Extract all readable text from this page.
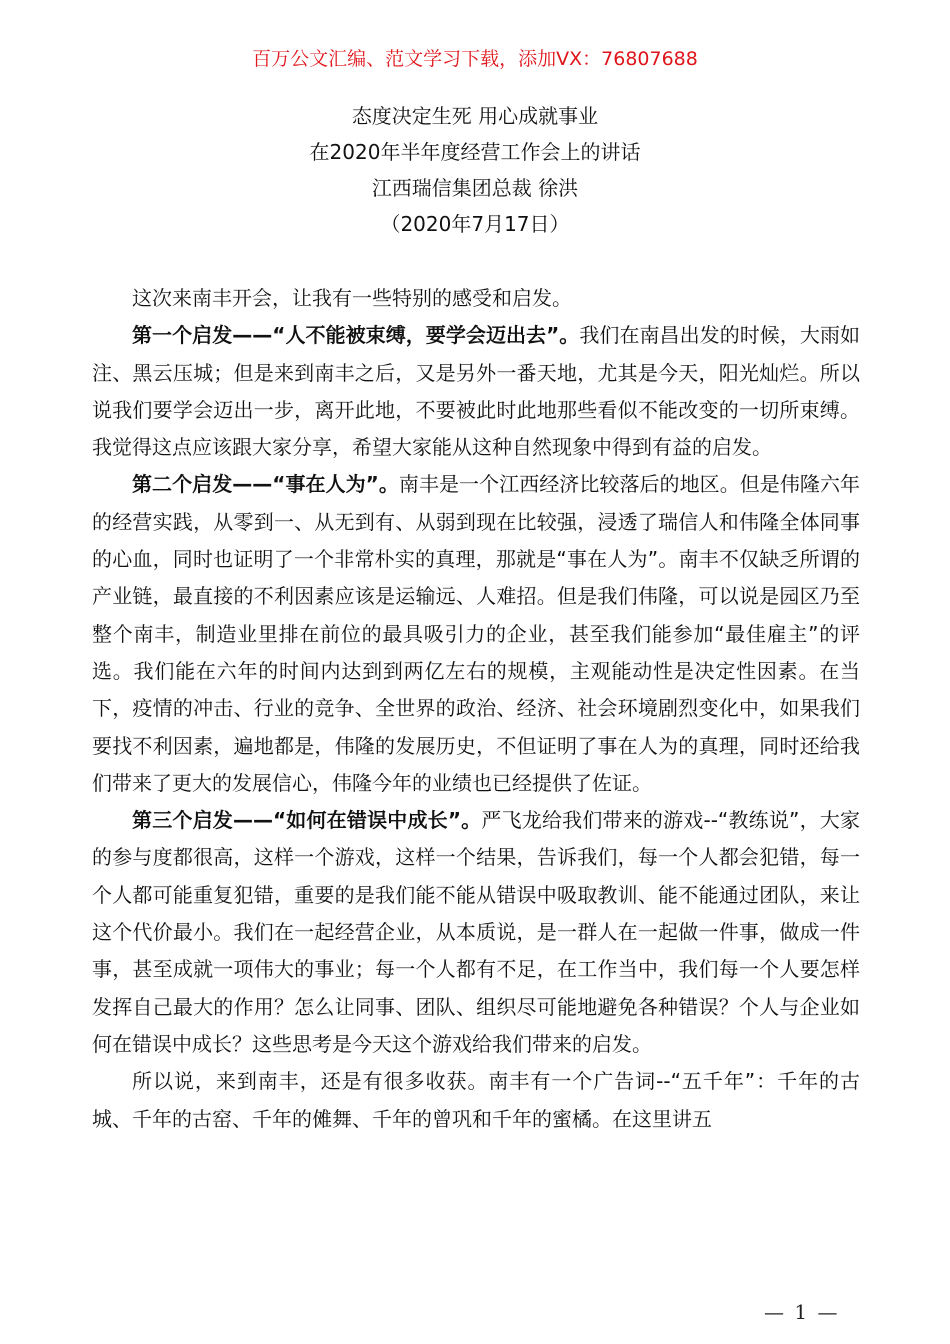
百万公文汇编、范文学习下载，添加VX：76807688
态度决定生死 用心成就事业
在2020年半年度经营工作会上的讲话
江西瑞信集团总裁 徐洪
（2020年7月17日）

这次来南丰开会，让我有一些特别的感受和启发。

第一个启发——“人不能被束缚，要学会迈出去”。我们在南昌出发的时候，大雨如注、黑云压城；但是来到南丰之后，又是另外一番天地，尤其是今天，阳光灿烂。所以说我们要学会迈出一步，离开此地，不要被此时此地那些看似不能改变的一切所束缚。我觉得这点应该跟大家分享，希望大家能从这种自然现象中得到有益的启发。

第二个启发——“事在人为”。南丰是一个江西经济比较落后的地区。但是伟隆六年的经营实践，从零到一、从无到有、从弱到现在比较强，浸透了瑞信人和伟隆全体同事的心血，同时也证明了一个非常朴实的真理，那就是“事在人为”。南丰不仅缺乏所谓的产业链，最直接的不利因素应该是运输远、人难招。但是我们伟隆，可以说是园区乃至整个南丰，制造业里排在前位的最具吸引力的企业，甚至我们能参加“最佳雇主”的评选。我们能在六年的时间内达到到两亿左右的规模，主观能动性是决定性因素。在当下，疫情的冲击、行业的竞争、全世界的政治、经济、社会环境剧烈变化中，如果我们要找不利因素，遍地都是，伟隆的发展历史，不但证明了事在人为的真理，同时还给我们带来了更大的发展信心，伟隆今年的业绩也已经提供了佐证。

第三个启发——“如何在错误中成长”。严飞龙给我们带来的游戏--“教练说”，大家的参与度都很高，这样一个游戏，这样一个结果，告诉我们，每一个人都会犯错，每一个人都可能重复犯错，重要的是我们能不能从错误中吸取教训、能不能通过团队，来让这个代价最小。我们在一起经营企业，从本质说，是一群人在一起做一件事，做成一件事，甚至成就一项伟大的事业；每一个人都有不足，在工作当中，我们每一个人要怎样发挥自己最大的作用？怎么让同事、团队、组织尽可能地避免各种错误？个人与企业如何在错误中成长？这些思考是今天这个游戏给我们带来的启发。

所以说，来到南丰，还是有很多收获。南丰有一个广告词--“五千年”：千年的古城、千年的古窑、千年的傩舞、千年的曾巩和千年的蜜橘。在这里讲五

— 1 —
